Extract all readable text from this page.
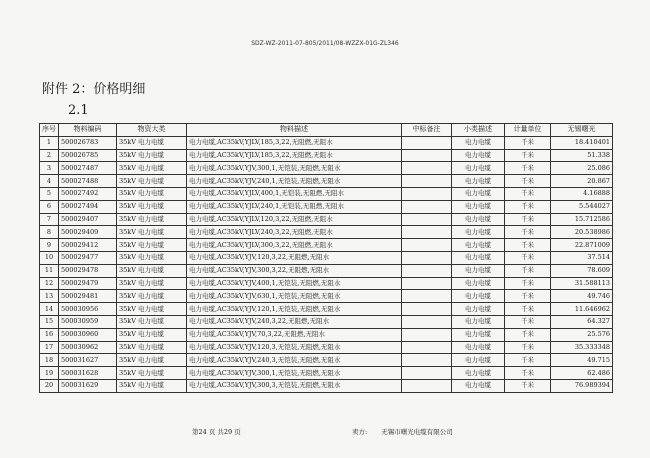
SDZ-WZ-2011-07-805/2011/08-WZZX-01G-ZL346
附件 2：价格明细
2.1
序号	物料编码	物资大类	物料描述	中标备注	小类描述	计量单位	无锡曙光
1	500026783	35kV 电力电缆	电力电缆,AC35kV,YJLV,185,3,22,无阻燃,无阻水		电力电缆	千米	18.410401
2	500026785	35kV 电力电缆	电力电缆,AC35kV,YJLV,185,3,22,无阻燃,无阻水		电力电缆	千米	51.338
3	500027487	35kV 电力电缆	电力电缆,AC35kV,YJV,300,1,无铠装,无阻燃,无阻水		电力电缆	千米	25.086
4	500027488	35kV 电力电缆	电力电缆,AC35kV,YJV,240,1,无铠装,无阻燃,无阻水		电力电缆	千米	20.867
5	500027492	35kV 电力电缆	电力电缆,AC35kV,YJLV,400,1,无铠装,无阻燃,无阻水		电力电缆	千米	4.16888
6	500027494	35kV 电力电缆	电力电缆,AC35kV,YJLV,240,1,无铠装,无阻燃,无阻水		电力电缆	千米	5.544027
7	500029407	35kV 电力电缆	电力电缆,AC35kV,YJLV,120,3,22,无阻燃,无阻水		电力电缆	千米	15.712586
8	500029409	35kV 电力电缆	电力电缆,AC35kV,YJLV,240,3,22,无阻燃,无阻水		电力电缆	千米	20.538986
9	500029412	35kV 电力电缆	电力电缆,AC35kV,YJLV,300,3,22,无阻燃,无阻水		电力电缆	千米	22.871009
10	500029477	35kV 电力电缆	电力电缆,AC35kV,YJV,120,3,22,无阻燃,无阻水		电力电缆	千米	37.514
11	500029478	35kV 电力电缆	电力电缆,AC35kV,YJV,300,3,22,无阻燃,无阻水		电力电缆	千米	78.609
12	500029479	35kV 电力电缆	电力电缆,AC35kV,YJV,400,1,无铠装,无阻燃,无阻水		电力电缆	千米	31.588113
13	500029481	35kV 电力电缆	电力电缆,AC35kV,YJV,630,1,无铠装,无阻燃,无阻水		电力电缆	千米	49.746
14	500030956	35kV 电力电缆	电力电缆,AC35kV,YJV,120,1,无铠装,无阻燃,无阻水		电力电缆	千米	11.646962
15	500030959	35kV 电力电缆	电力电缆,AC35kV,YJV,240,3,22,无阻燃,无阻水		电力电缆	千米	64.327
16	500030960	35kV 电力电缆	电力电缆,AC35kV,YJV,70,3,22,无阻燃,无阻水		电力电缆	千米	25.576
17	500030962	35kV 电力电缆	电力电缆,AC35kV,YJV,120,3,无铠装,无阻燃,无阻水		电力电缆	千米	35.333348
18	500031627	35kV 电力电缆	电力电缆,AC35kV,YJV,240,3,无铠装,无阻燃,无阻水		电力电缆	千米	49.715
19	500031628	35kV 电力电缆	电力电缆,AC35kV,YJV,300,1,无铠装,无阻燃,无阻水		电力电缆	千米	62.486
20	500031629	35kV 电力电缆	电力电缆,AC35kV,YJV,300,3,无铠装,无阻燃,无阻水		电力电缆	千米	76.989394
第24 页 共29 页	卖方: 无锡市曙光电缆有限公司
